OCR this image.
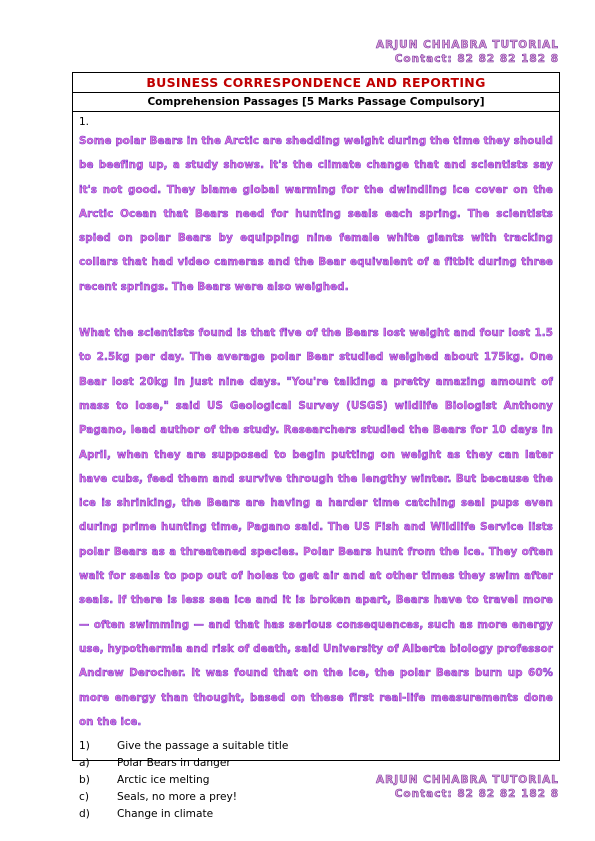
ARJUN CHHABRA TUTORIAL
Contact: 82 82 82 182 8
BUSINESS CORRESPONDENCE AND REPORTING
Comprehension Passages [5 Marks Passage Compulsory]
1.

Some polar Bears in the Arctic are shedding weight during the time they should be beefing up, a study shows. It's the climate change that and scientists say it's not good. They blame global warming for the dwindling ice cover on the Arctic Ocean that Bears need for hunting seals each spring. The scientists spied on polar Bears by equipping nine female white giants with tracking collars that had video cameras and the Bear equivalent of a fitbit during three recent springs. The Bears were also weighed.

What the scientists found is that five of the Bears lost weight and four lost 1.5 to 2.5kg per day. The average polar Bear studied weighed about 175kg. One Bear lost 20kg in just nine days. "You're talking a pretty amazing amount of mass to lose," said US Geological Survey (USGS) wildlife Biologist Anthony Pagano, lead author of the study. Researchers studied the Bears for 10 days in April, when they are supposed to begin putting on weight as they can later have cubs, feed them and survive through the lengthy winter. But because the ice is shrinking, the Bears are having a harder time catching seal pups even during prime hunting time, Pagano said. The US Fish and Wildlife Service lists polar Bears as a threatened species. Polar Bears hunt from the ice. They often wait for seals to pop out of holes to get air and at other times they swim after seals. If there is less sea ice and it is broken apart, Bears have to travel more — often swimming — and that has serious consequences, such as more energy use, hypothermia and risk of death, said University of Alberta biology professor Andrew Derocher. It was found that on the ice, the polar Bears burn up 60% more energy than thought, based on these first real-life measurements done on the ice.

1)	Give the passage a suitable title
a)	Polar Bears in danger
b)	Arctic ice melting
c)	Seals, no more a prey!
d)	Change in climate
ARJUN CHHABRA TUTORIAL
Contact: 82 82 82 182 8
